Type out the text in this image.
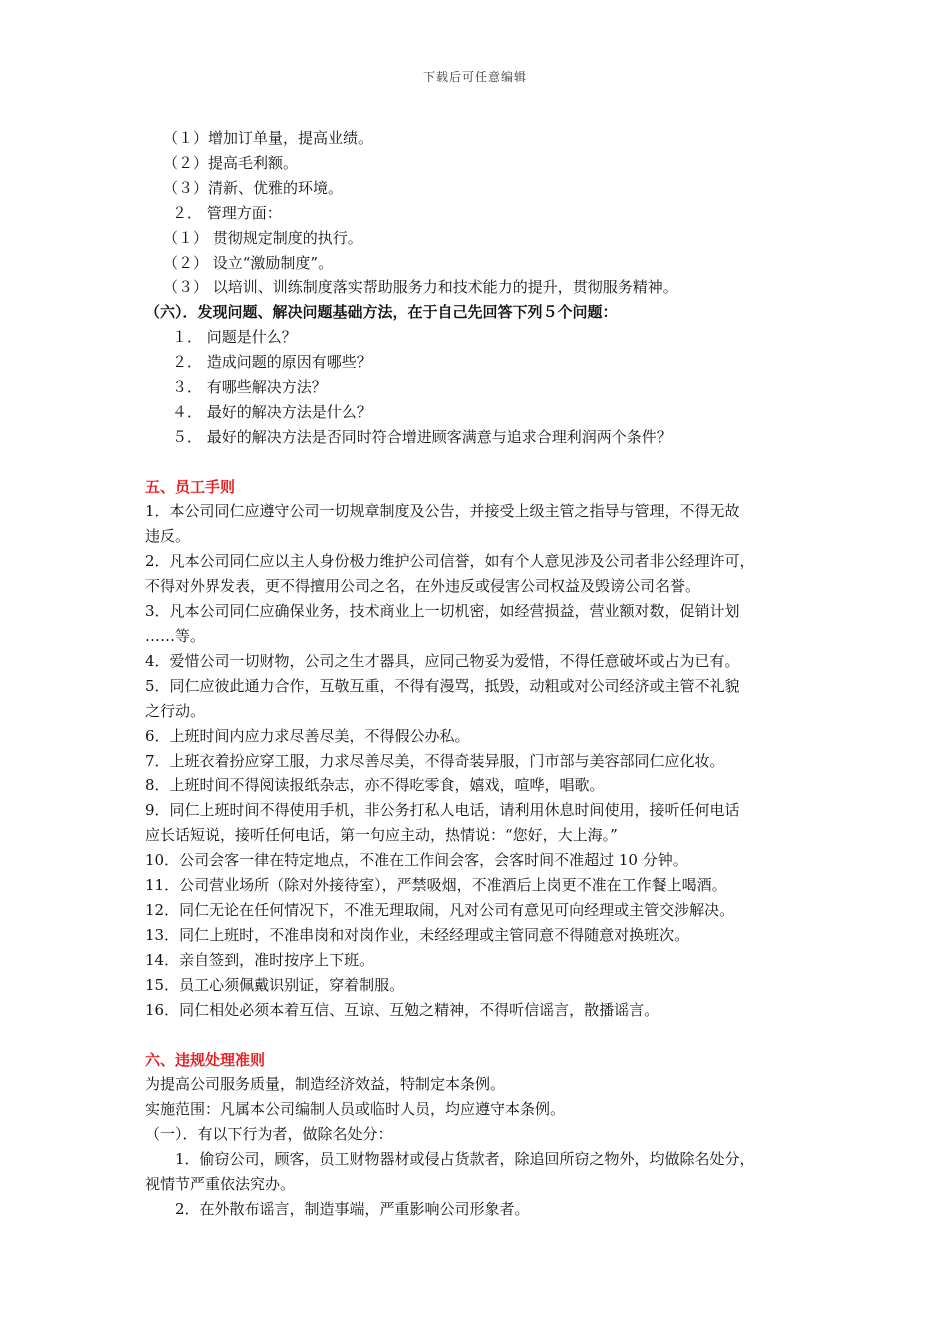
下载后可任意编辑
（１）增加订单量，提高业绩。
（２）提高毛利额。
（３）清新、优雅的环境。
２． 管理方面：
（１） 贯彻规定制度的执行。
（２） 设立“激励制度”。
（３） 以培训、训练制度落实帮助服务力和技术能力的提升，贯彻服务精神。
（六）．发现问题、解决问题基础方法，在于自己先回答下列５个问题：
１． 问题是什么？
２． 造成问题的原因有哪些？
３． 有哪些解决方法？
４． 最好的解决方法是什么？
５． 最好的解决方法是否同时符合增进顾客满意与追求合理利润两个条件？
五、员工手则
1．本公司同仁应遵守公司一切规章制度及公告，并接受上级主管之指导与管理，不得无故
违反。
2．凡本公司同仁应以主人身份极力维护公司信誉，如有个人意见涉及公司者非公经理许可，
不得对外界发表，更不得擅用公司之名，在外违反或侵害公司权益及毁谤公司名誉。
3．凡本公司同仁应确保业务，技术商业上一切机密，如经营损益，营业额对数，促销计划
……等。
4．爱惜公司一切财物，公司之生才器具，应同己物妥为爱惜，不得任意破坏或占为已有。
5．同仁应彼此通力合作，互敬互重，不得有漫骂，抵毁，动粗或对公司经济或主管不礼貌
之行动。
6．上班时间内应力求尽善尽美，不得假公办私。
7．上班衣着扮应穿工服，力求尽善尽美，不得奇装异服，门市部与美容部同仁应化妆。
8．上班时间不得阅读报纸杂志，亦不得吃零食，嬉戏，喧哗，唱歌。
9．同仁上班时间不得使用手机，非公务打私人电话，请利用休息时间使用，接听任何电话
应长话短说，接听任何电话，第一句应主动，热情说：“您好，大上海。”
10．公司会客一律在特定地点，不准在工作间会客，会客时间不准超过 10 分钟。
11．公司营业场所（除对外接待室），严禁吸烟，不准酒后上岗更不准在工作餐上喝酒。
12．同仁无论在任何情况下，不准无理取闹，凡对公司有意见可向经理或主管交涉解决。
13．同仁上班时，不准串岗和对岗作业，未经经理或主管同意不得随意对换班次。
14．亲自签到，准时按序上下班。
15．员工心须佩戴识别证，穿着制服。
16．同仁相处必须本着互信、互谅、互勉之精神，不得听信谣言，散播谣言。
六、违规处理准则
为提高公司服务质量，制造经济效益，特制定本条例。
实施范围：凡属本公司编制人员或临时人员，均应遵守本条例。
（一）．有以下行为者，做除名处分：
1．偷窃公司，顾客，员工财物器材或侵占货款者，除追回所窃之物外，均做除名处分，
视情节严重依法究办。
2．在外散布谣言，制造事端，严重影响公司形象者。
